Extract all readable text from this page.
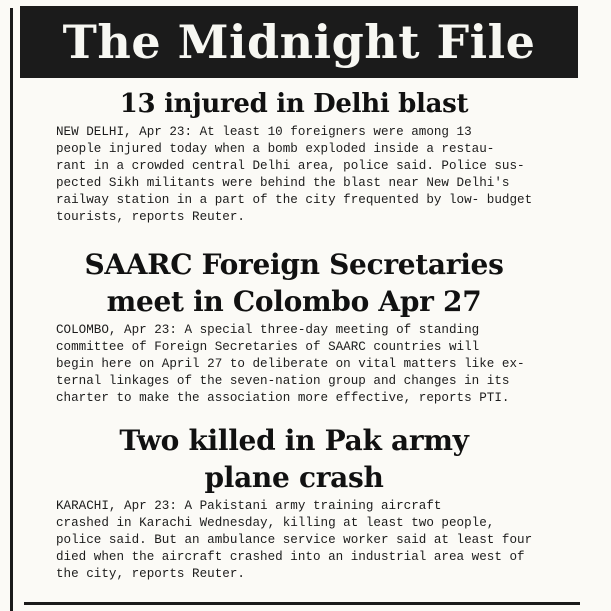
The Midnight File
13 injured in Delhi blast
NEW DELHI, Apr 23: At least 10 foreigners were among 13
people injured today when a bomb exploded inside a restau-
rant in a crowded central Delhi area, police said. Police sus-
pected Sikh militants were behind the blast near New Delhi's
railway station in a part of the city frequented by low- budget
tourists, reports Reuter.
SAARC Foreign Secretaries
meet in Colombo Apr 27
COLOMBO, Apr 23: A special three-day meeting of standing
committee of Foreign Secretaries of SAARC countries will
begin here on April 27 to deliberate on vital matters like ex-
ternal linkages of the seven-nation group and changes in its
charter to make the association more effective, reports PTI.
Two killed in Pak army
plane crash
KARACHI, Apr 23: A Pakistani army training aircraft
crashed in Karachi Wednesday, killing at least two people,
police said. But an ambulance service worker said at least four
died when the aircraft crashed into an industrial area west of
the city, reports Reuter.
